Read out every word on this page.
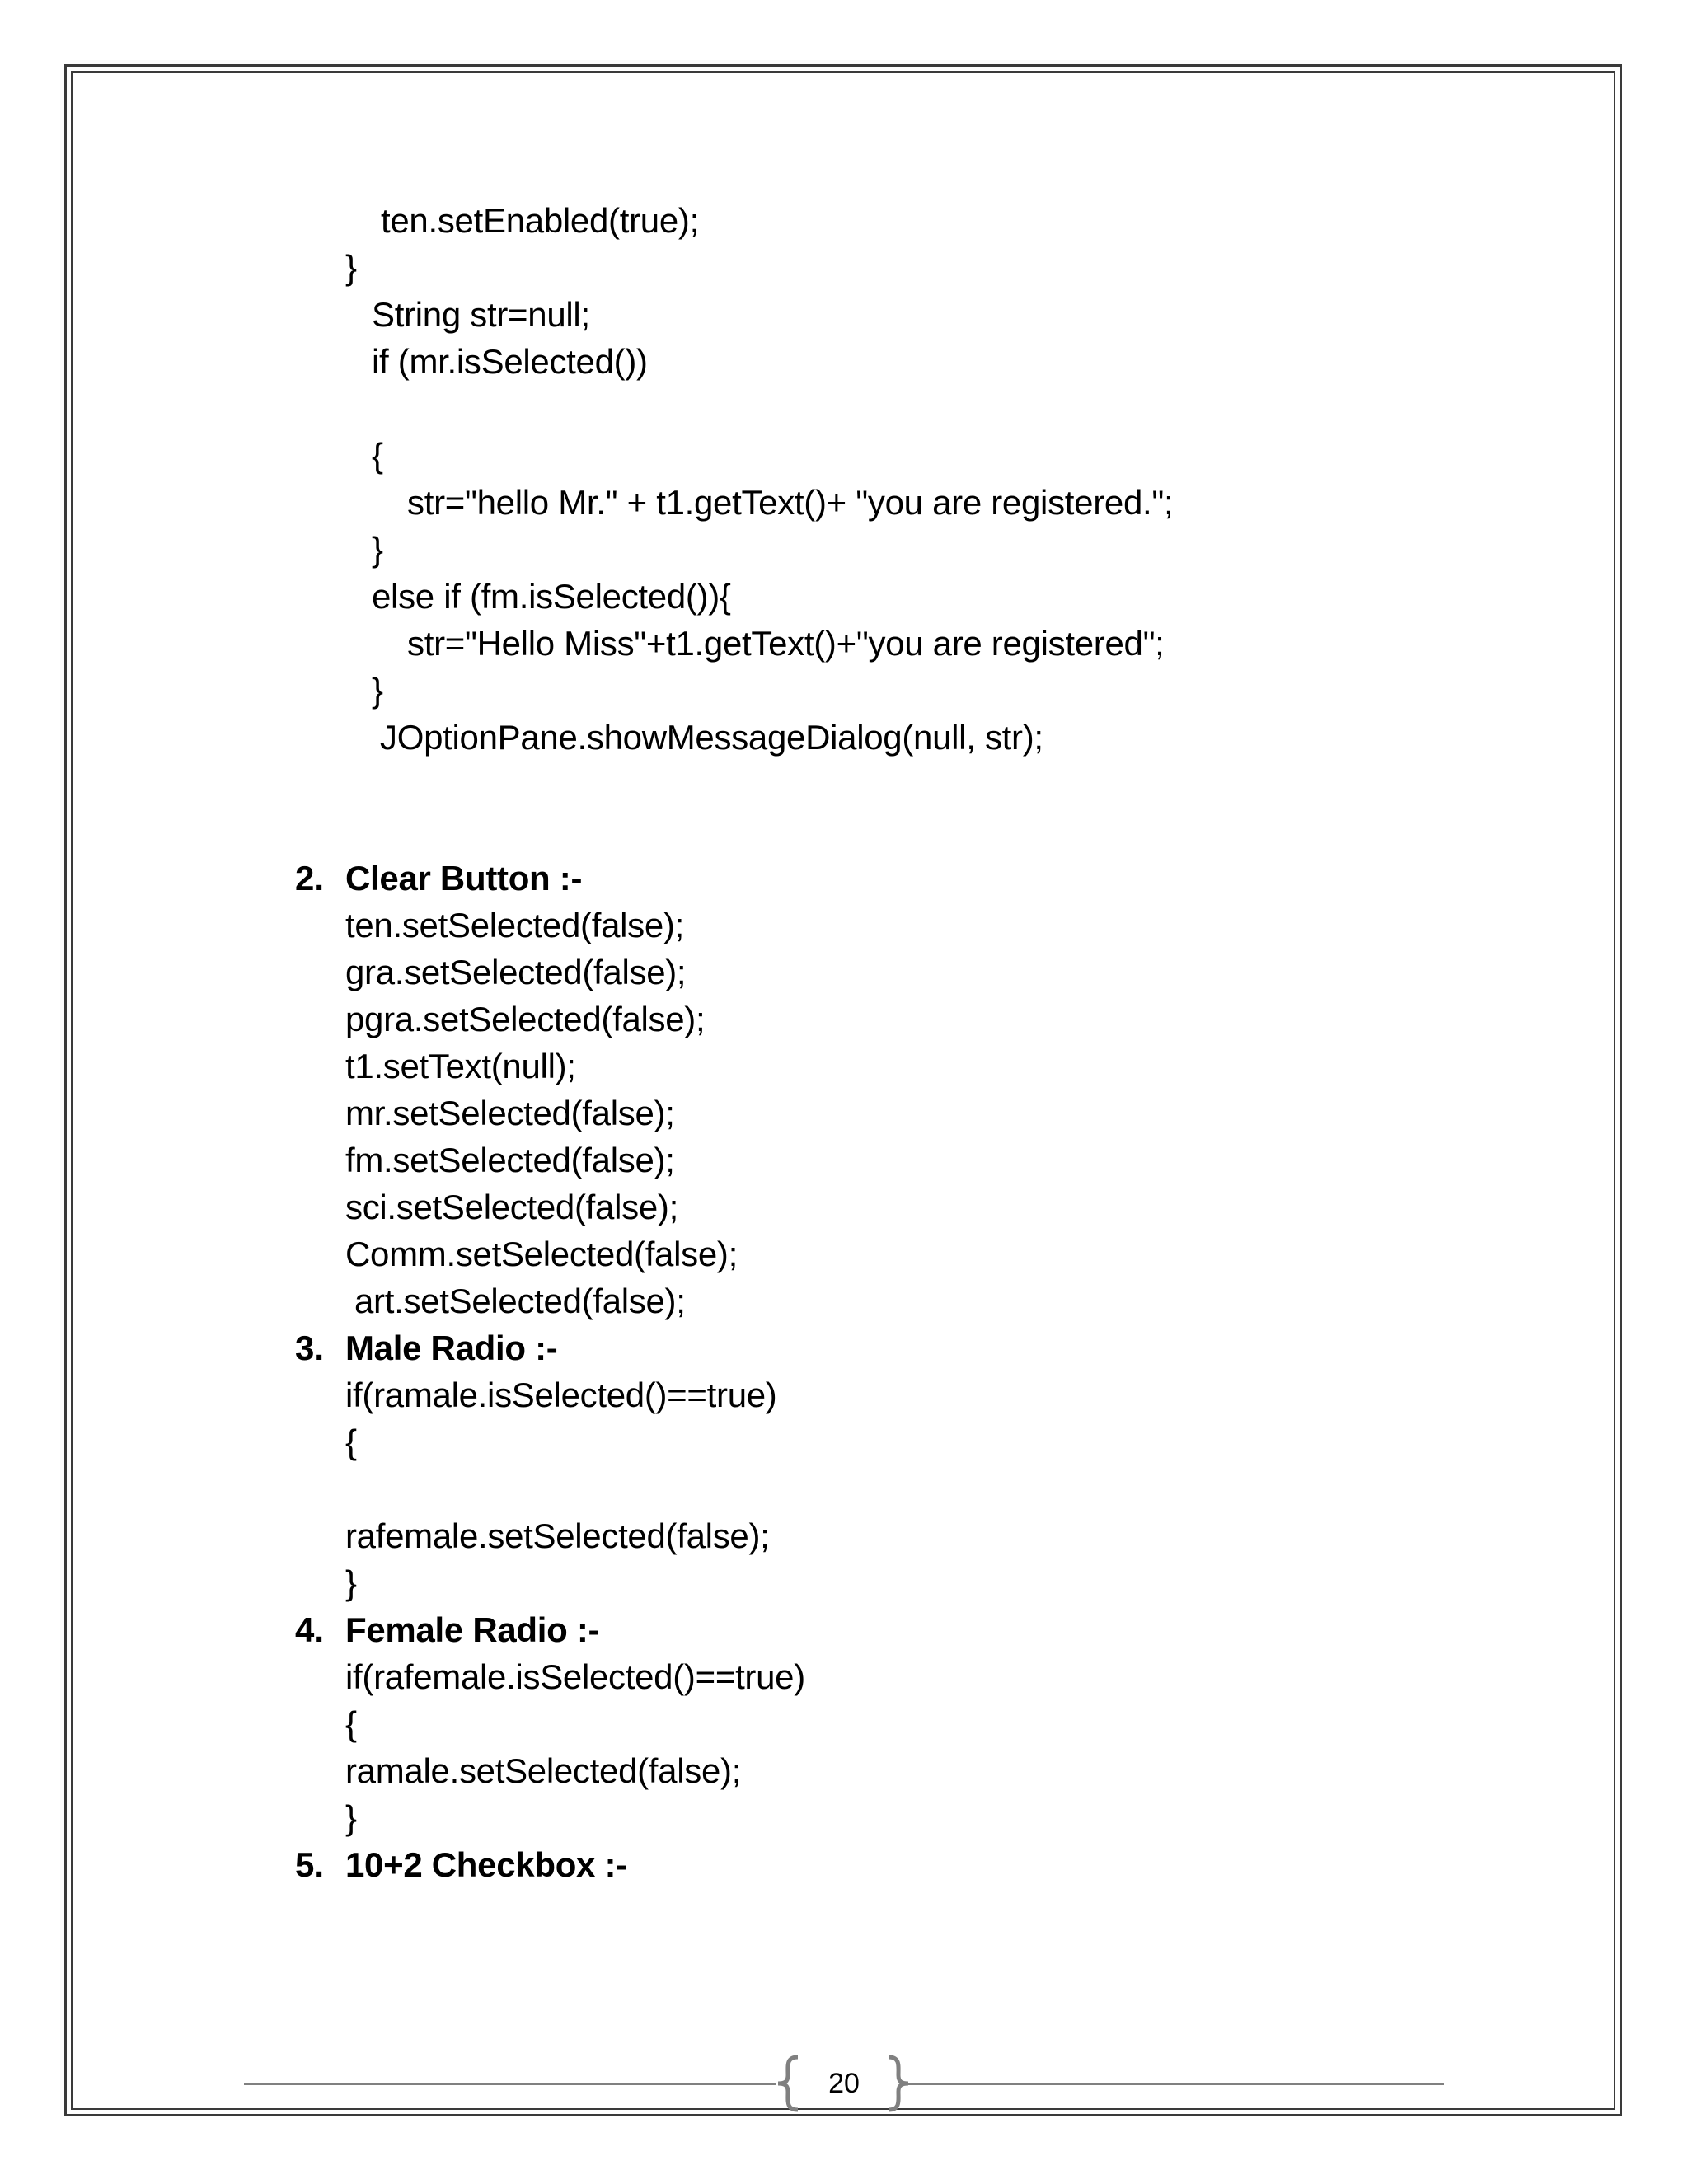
ten.setEnabled(true);
}
String str=null;
if (mr.isSelected())
{
str="hello Mr." + t1.getText()+ "you are registered.";
}
else if (fm.isSelected()){
str="Hello Miss"+t1.getText()+"you are registered";
}
JOptionPane.showMessageDialog(null, str);
2. Clear Button :-
ten.setSelected(false);
gra.setSelected(false);
pgra.setSelected(false);
t1.setText(null);
mr.setSelected(false);
fm.setSelected(false);
sci.setSelected(false);
Comm.setSelected(false);
art.setSelected(false);
3. Male Radio :-
if(ramale.isSelected()==true)
{
rafemale.setSelected(false);
}
4. Female Radio :-
if(rafemale.isSelected()==true)
{
ramale.setSelected(false);
}
5. 10+2 Checkbox :-
20
